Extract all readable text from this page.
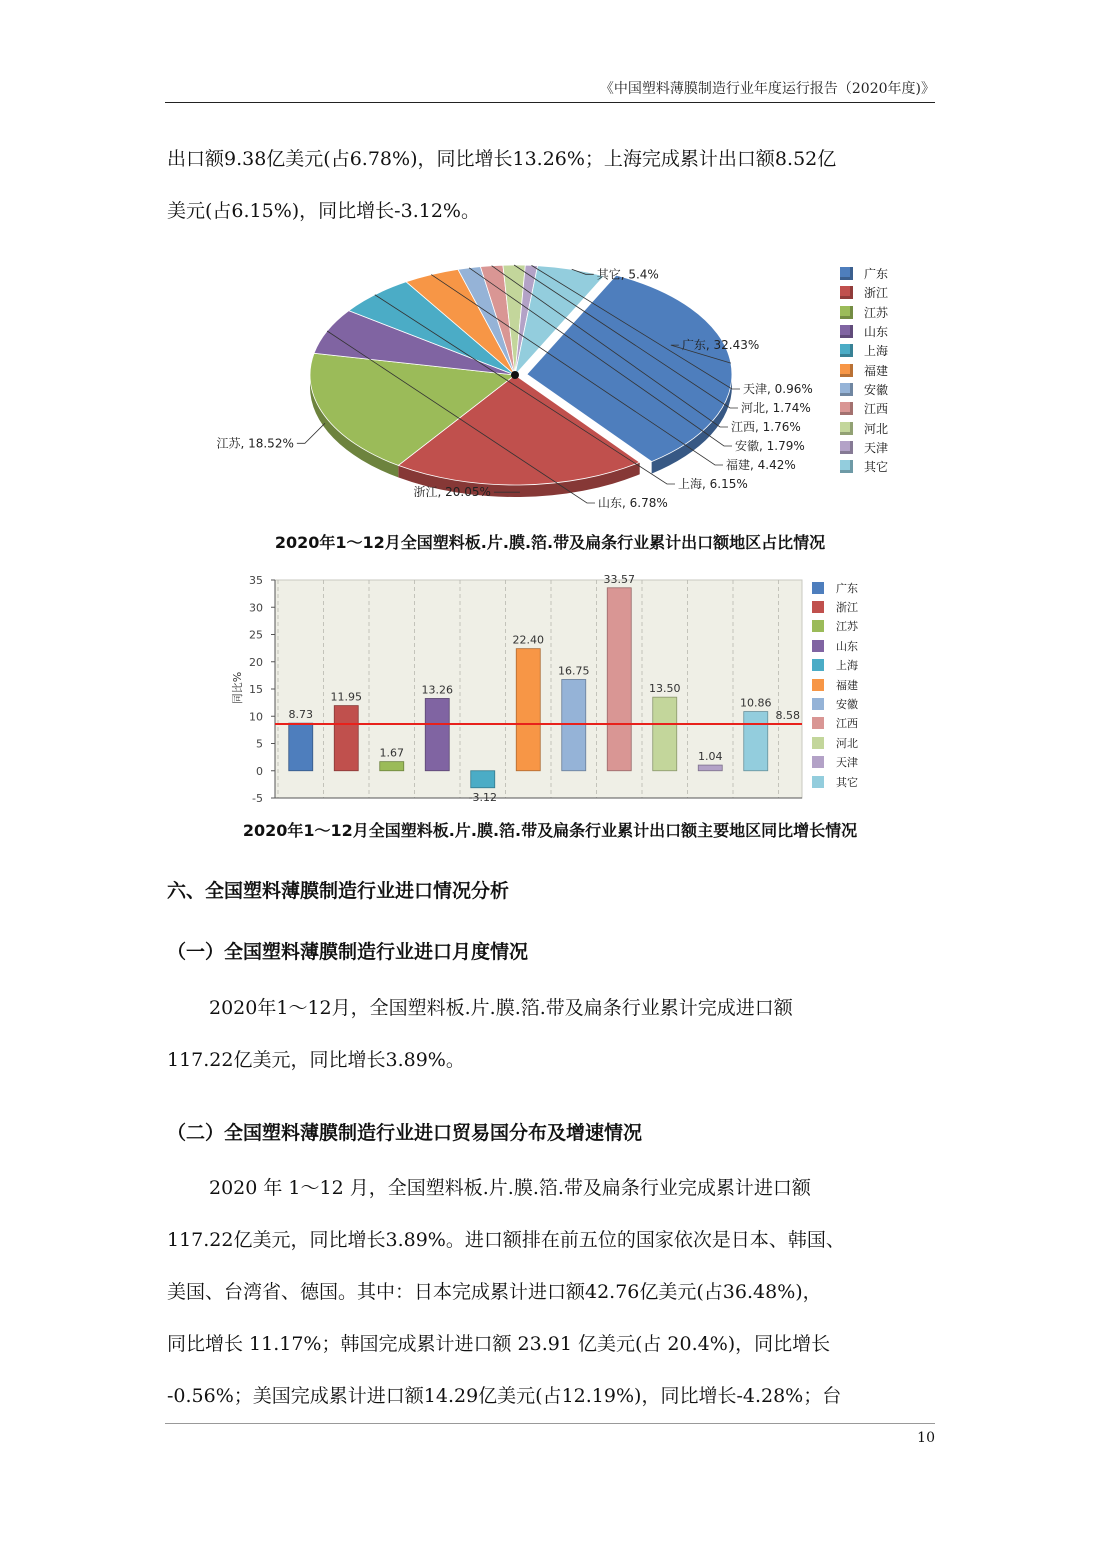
《中国塑料薄膜制造行业年度运行报告（2020年度)》

出口额9.38亿美元(占6.78%)，同比增长13.26%；上海完成累计出口额8.52亿

美元(占6.15%)，同比增长-3.12%。

广东, 32.43%
浙江, 20.05%
江苏, 18.52%
山东, 6.78%
上海, 6.15%
福建, 4.42%
安徽, 1.79%
江西, 1.76%
河北, 1.74%
天津, 0.96%
其它, 5.4%	广东
浙江
江苏
山东
上海
福建
安徽
江西
河北
天津
其它
2020年1～12月全国塑料板.片.膜.箔.带及扁条行业累计出口额地区占比情况
35
30
25
20
15
10
5
0
-5
8.73
11.95
1.67
13.26
-3.12
22.40
16.75
33.57
13.50
1.04
10.86
8.58
同比%
广东
浙江
江苏
山东
上海
福建
安徽
江西
河北
天津
其它
2020年1～12月全国塑料板.片.膜.箔.带及扁条行业累计出口额主要地区同比增长情况
六、全国塑料薄膜制造行业进口情况分析
（一）全国塑料薄膜制造行业进口月度情况

2020年1～12月，全国塑料板.片.膜.箔.带及扁条行业累计完成进口额

117.22亿美元，同比增长3.89%。

（二）全国塑料薄膜制造行业进口贸易国分布及增速情况

2020 年 1～12 月，全国塑料板.片.膜.箔.带及扁条行业完成累计进口额

117.22亿美元，同比增长3.89%。进口额排在前五位的国家依次是日本、韩国、

美国、台湾省、德国。其中：日本完成累计进口额42.76亿美元(占36.48%)，

同比增长 11.17%；韩国完成累计进口额 23.91 亿美元(占 20.4%)，同比增长

-0.56%；美国完成累计进口额14.29亿美元(占12.19%)，同比增长-4.28%；台

10
